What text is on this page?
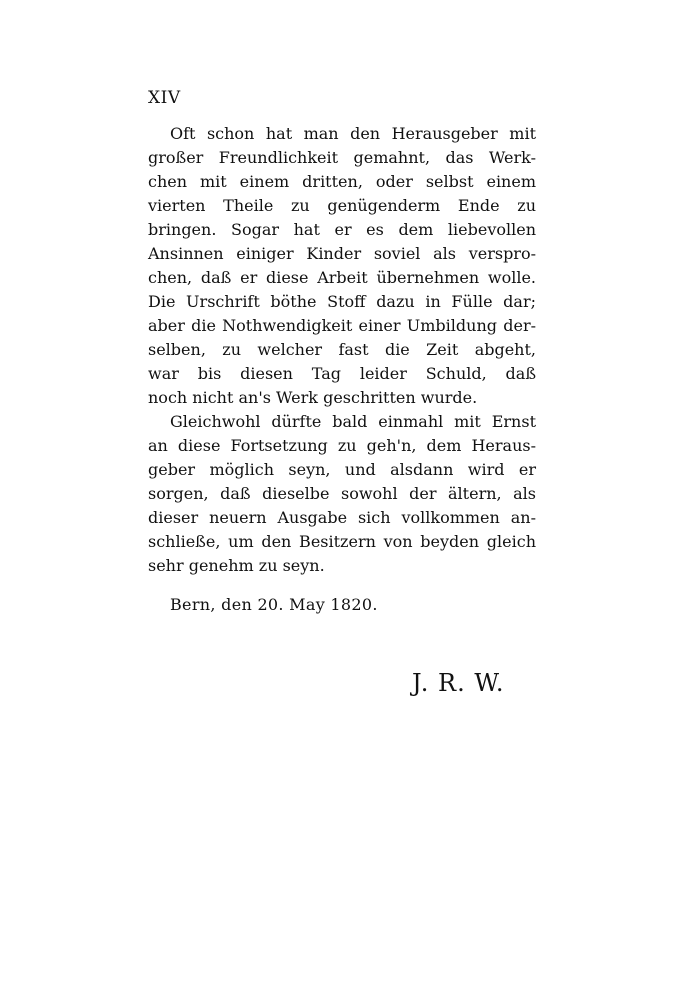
XIV
Oft schon hat man den Herausgeber mit
großer Freundlichkeit gemahnt, das Werk-
chen mit einem dritten, oder selbst einem
vierten Theile zu genügenderm Ende zu
bringen. Sogar hat er es dem liebevollen
Ansinnen einiger Kinder soviel als verspro-
chen, daß er diese Arbeit übernehmen wolle.
Die Urschrift böthe Stoff dazu in Fülle dar;
aber die Nothwendigkeit einer Umbildung der-
selben, zu welcher fast die Zeit abgeht,
war bis diesen Tag leider Schuld, daß
noch nicht an's Werk geschritten wurde.
Gleichwohl dürfte bald einmahl mit Ernst
an diese Fortsetzung zu geh'n, dem Heraus-
geber möglich seyn, und alsdann wird er
sorgen, daß dieselbe sowohl der ältern, als
dieser neuern Ausgabe sich vollkommen an-
schließe, um den Besitzern von beyden gleich
sehr genehm zu seyn.
Bern, den 20. May 1820.
J. R. W.
